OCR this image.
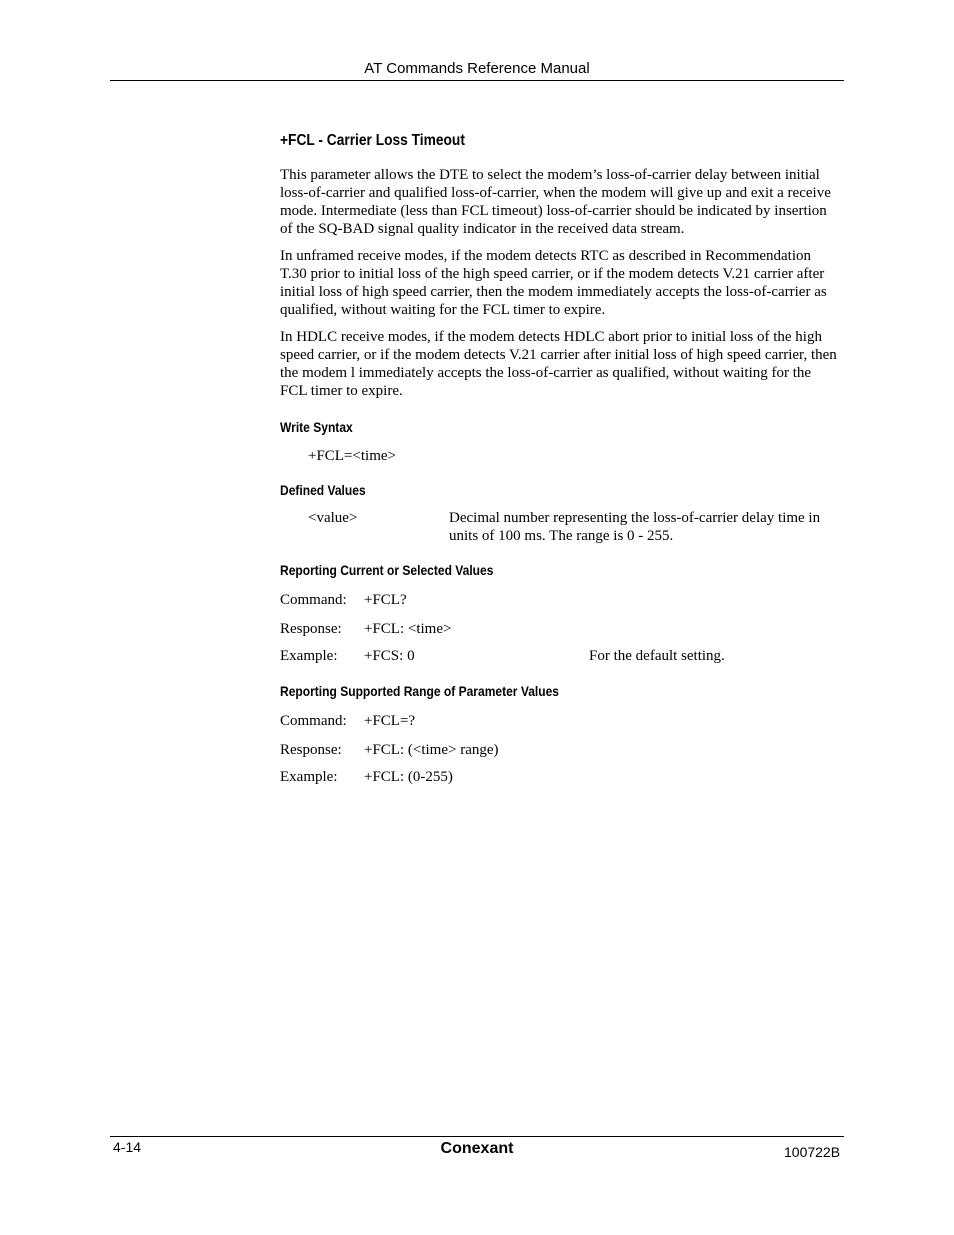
AT Commands Reference Manual
+FCL - Carrier Loss Timeout
This parameter allows the DTE to select the modem’s loss-of-carrier delay between initial loss-of-carrier and qualified loss-of-carrier, when the modem will give up and exit a receive mode. Intermediate (less than FCL timeout) loss-of-carrier should be indicated by insertion of the SQ-BAD signal quality indicator in the received data stream.
In unframed receive modes, if the modem detects RTC as described in Recommendation T.30 prior to initial loss of the high speed carrier, or if the modem detects V.21 carrier after initial loss of high speed carrier, then the modem immediately accepts the loss-of-carrier as qualified, without waiting for the FCL timer to expire.
In HDLC receive modes, if the modem detects HDLC abort prior to initial loss of the high speed carrier, or if the modem detects V.21 carrier after initial loss of high speed carrier, then the modem l immediately accepts the loss-of-carrier as qualified, without waiting for the FCL timer to expire.
Write Syntax
+FCL=<time>
Defined Values
<value>	Decimal number representing the loss-of-carrier delay time in units of 100 ms. The range is 0 - 255.
Reporting Current or Selected Values
Command: +FCL?
Response: +FCL: <time>
Example: +FCS: 0	For the default setting.
Reporting Supported Range of Parameter Values
Command: +FCL=?
Response: +FCL: (<time> range)
Example: +FCL: (0-255)
4-14	Conexant	100722B
